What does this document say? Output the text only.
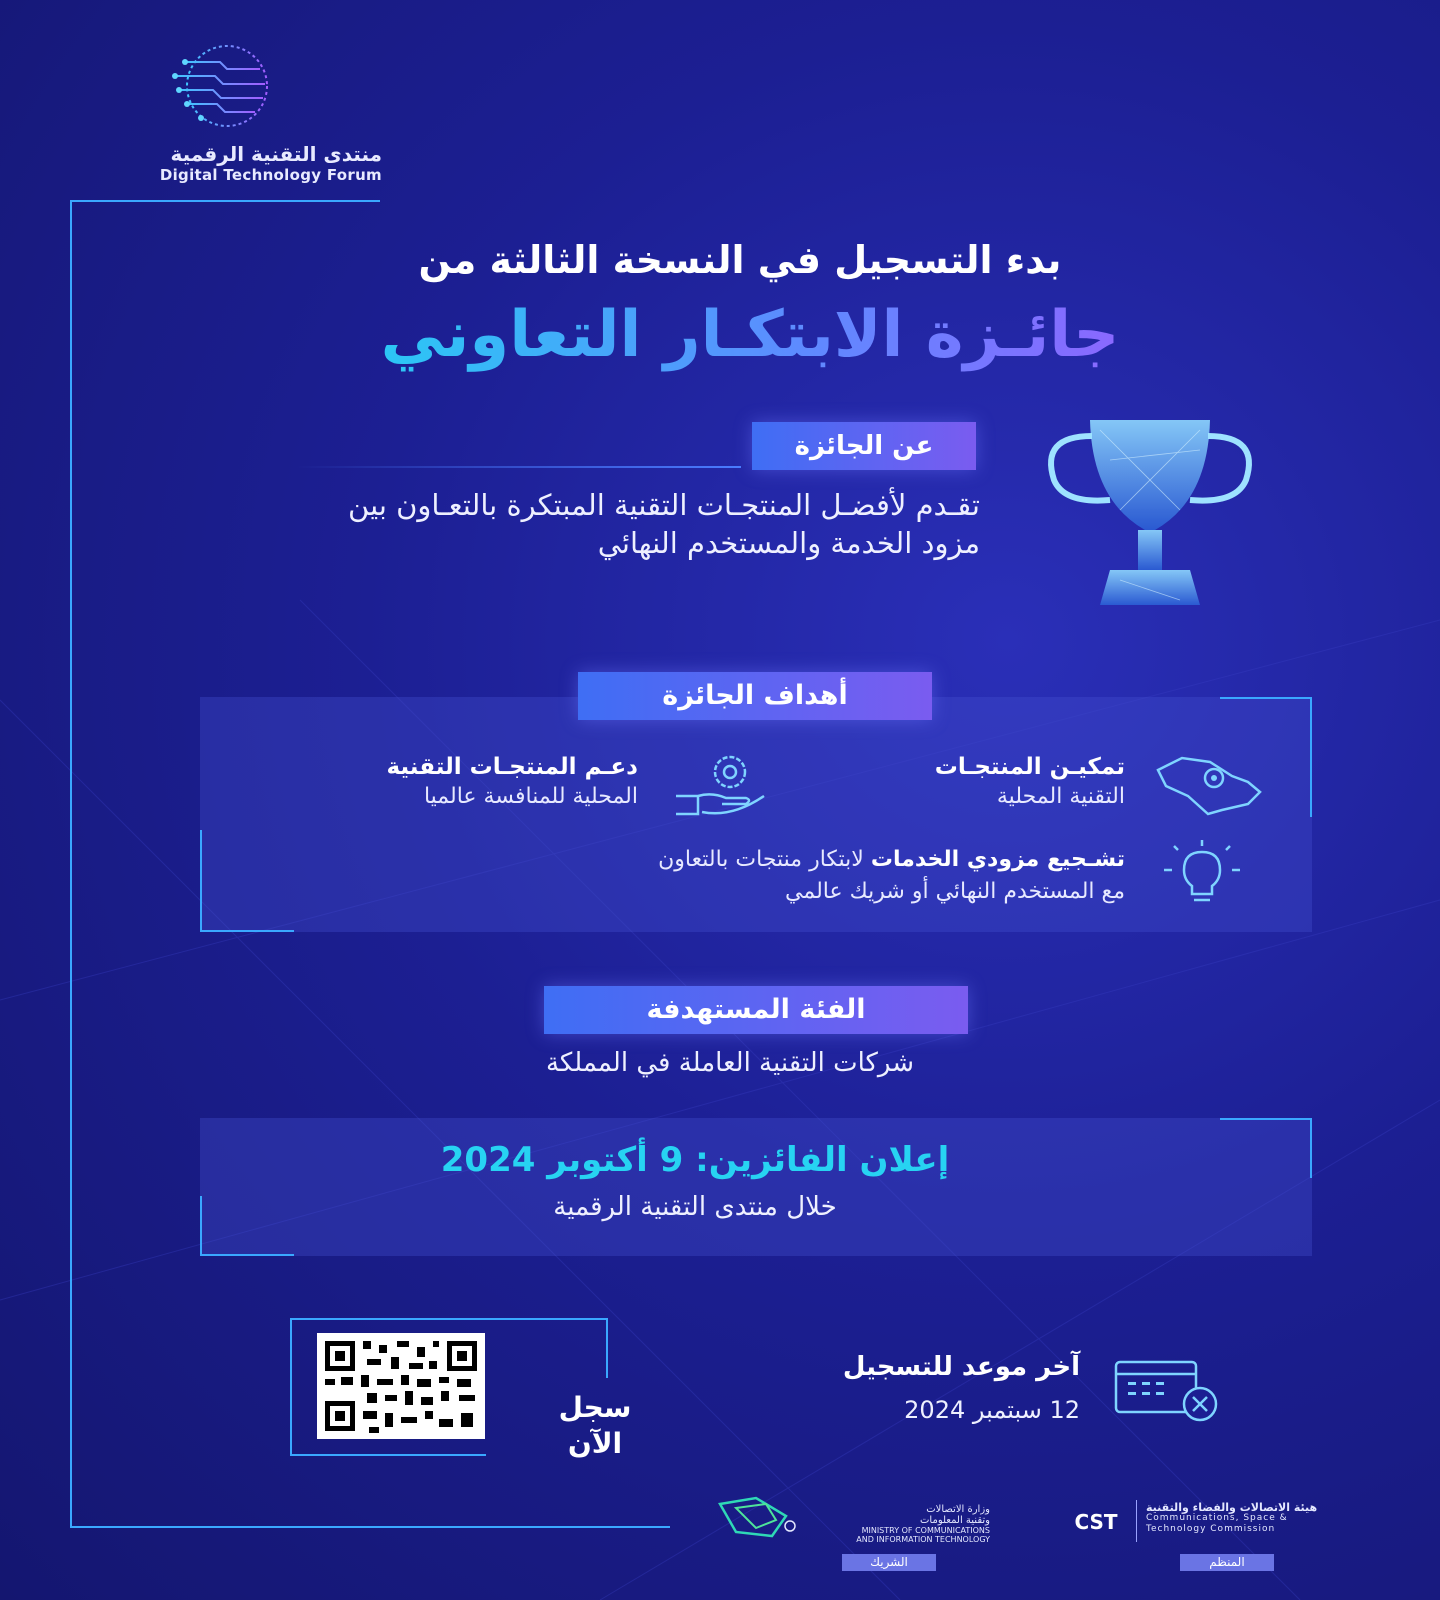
منتدى التقنية الرقمية
Digital Technology Forum
بدء التسجيل في النسخة الثالثة من
جائـزة الابتكـار التعاوني
عن الجائزة
تقـدم لأفضـل المنتجـات التقنية المبتكرة بالتعـاون بين مزود الخدمة والمستخدم النهائي
أهداف الجائزة
تمكيـن المنتجـات
التقنية المحلية
دعـم المنتجـات التقنية
المحلية للمنافسة عالميا
تشـجيع مزودي الخدمات لابتكار منتجات بالتعاون
مع المستخدم النهائي أو شريك عالمي
الفئة المستهدفة
شركات التقنية العاملة في المملكة
إعلان الفائزين: 9 أكتوبر 2024
خلال منتدى التقنية الرقمية
سجل
الآن
آخر موعد للتسجيل
12 سبتمبر 2024
وزارة الاتصالات
وتقنية المعلومات
MINISTRY OF COMMUNICATIONS
AND INFORMATION TECHNOLOGY
الشريك
CST
هيئة الاتصالات والفضاء والتقنية
Communications, Space &
Technology Commission
المنظم
